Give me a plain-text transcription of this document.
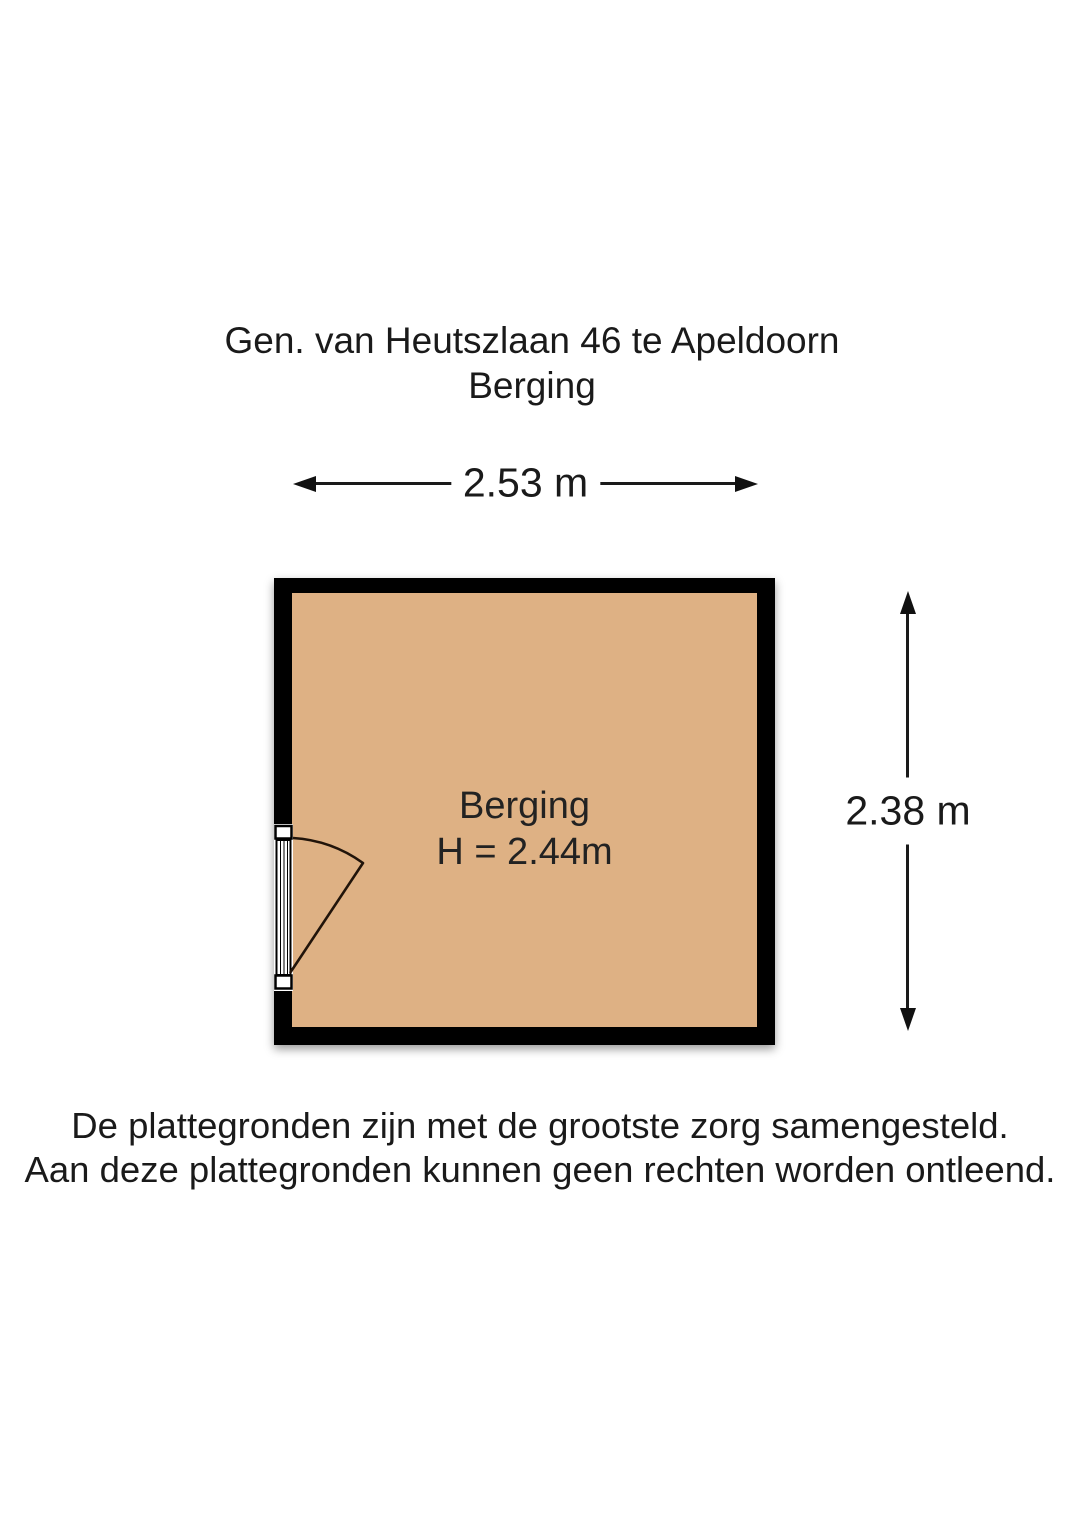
Gen. van Heutszlaan 46 te Apeldoorn
Berging
2.53 m
Berging
H = 2.44m
2.38 m
De plattegronden zijn met de grootste zorg samengesteld.
Aan deze plattegronden kunnen geen rechten worden ontleend.
